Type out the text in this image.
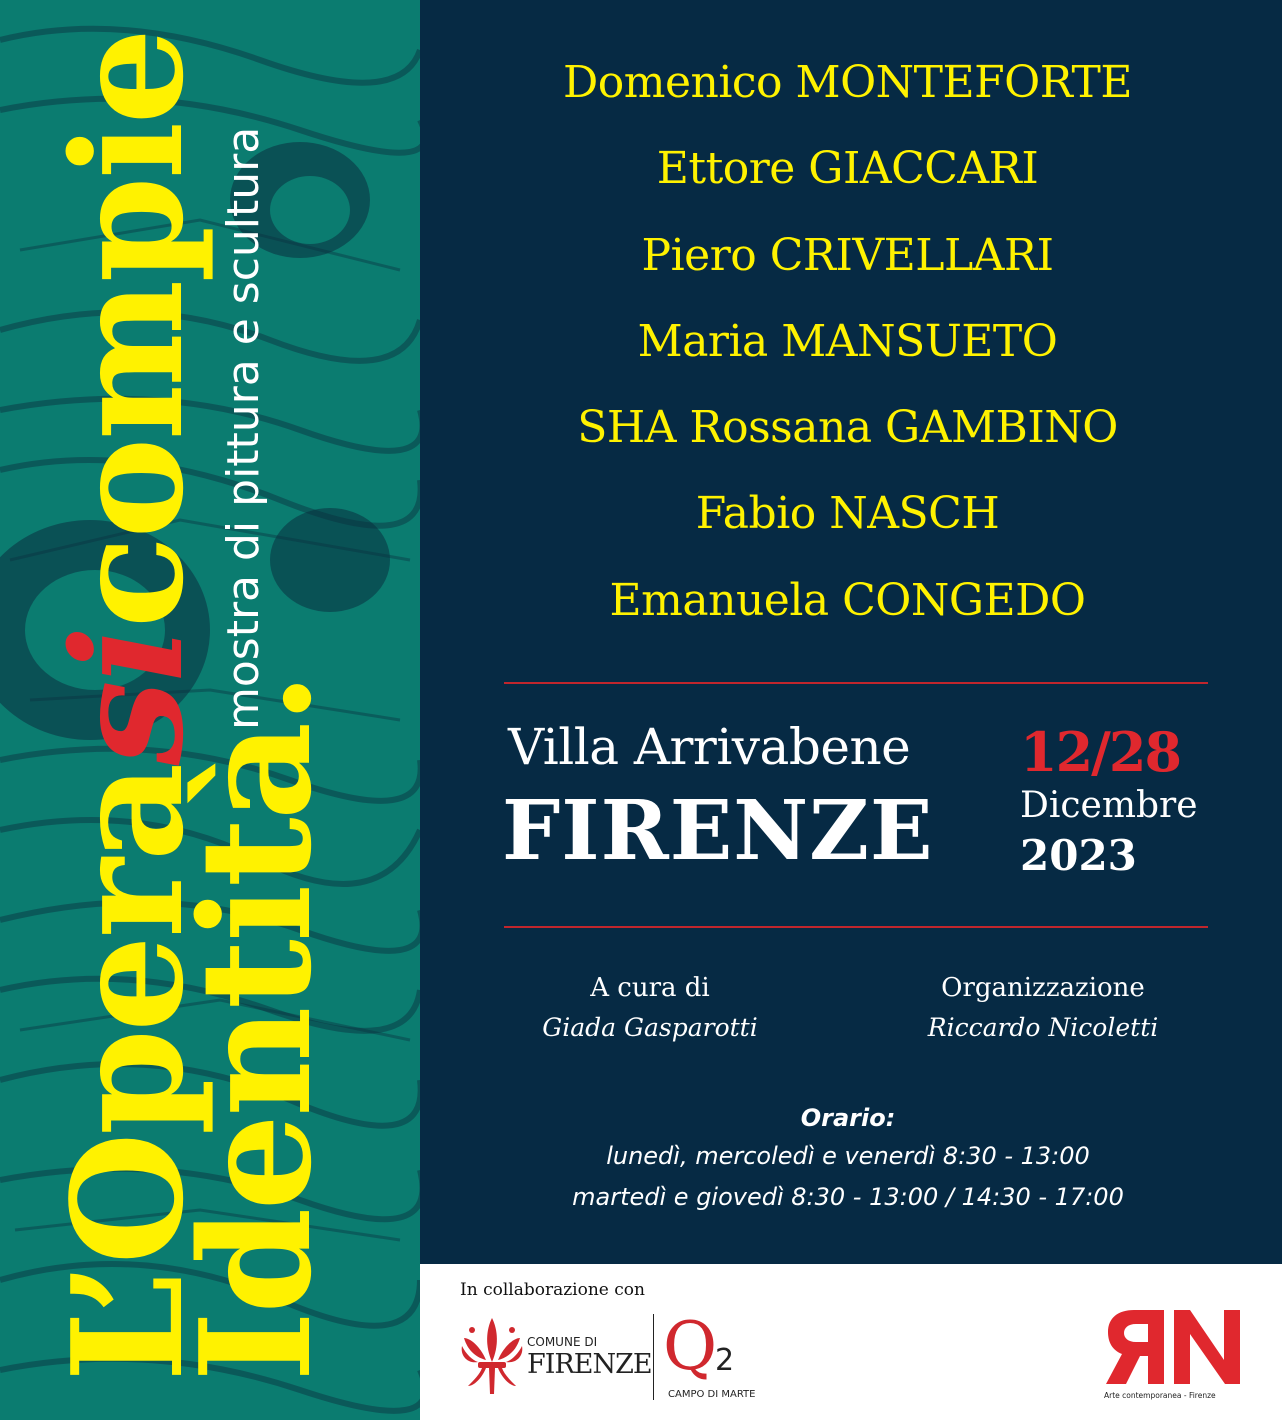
L’Operasicompie
Identità.
mostra di pittura e scultura
Domenico MONTEFORTE
Ettore GIACCARI
Piero CRIVELLARI
Maria MANSUETO
SHA Rossana GAMBINO
Fabio NASCH
Emanuela CONGEDO
Villa Arrivabene
FIRENZE
12/28
Dicembre
2023
A cura di
Giada Gasparotti
Organizzazione
Riccardo Nicoletti
Orario:
lunedì, mercoledì e venerdì 8:30 - 13:00
martedì e giovedì 8:30 - 13:00 / 14:30 - 17:00
In collaborazione con
COMUNE DI
FIRENZE Q
2
CAMPO DI MARTE	Arte contemporanea - Firenze
